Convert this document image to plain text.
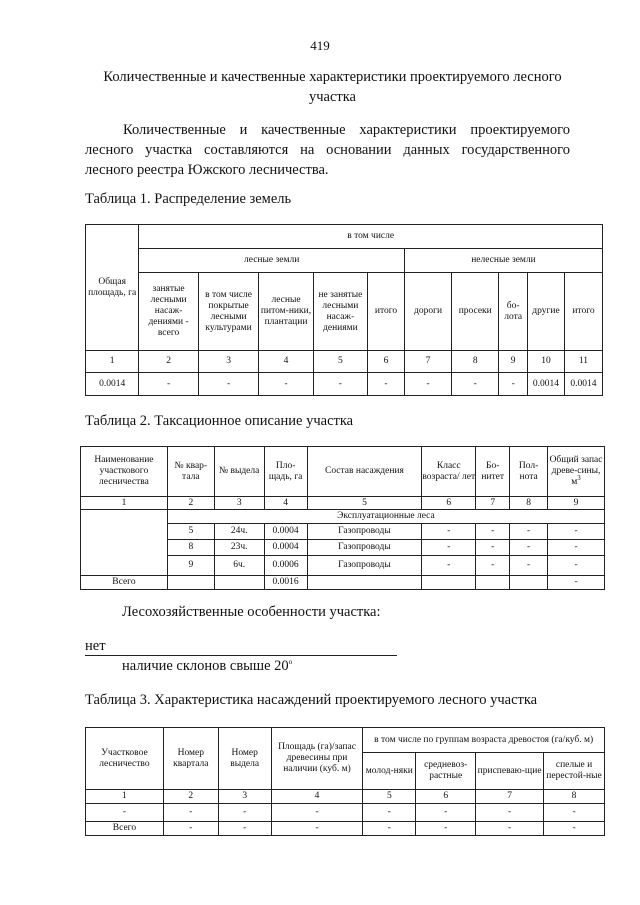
419
Количественные и качественные характеристики проектируемого лесного участка
Количественные и качественные характеристики проектируемого лесного участка составляются на основании данных государственного лесного реестра Южского лесничества.
Таблица 1. Распределение земель
Общая площадь, га	в том числе									
	лесные земли					нелесные земли				
	занятые лесными насаж-дениями - всего	в том числе покрытые лесными культурами	лесные питом-ники, плантации	не занятые лесными насаж-дениями	итого	дороги	просеки	бо-лота	другие	итого
1	2	3	4	5	6	7	8	9	10	11
0.0014	-	-	-	-	-	-	-	-	0.0014	0.0014
Таблица 2. Таксационное описание участка
Наименование участкового лесничества	№ квар-тала	№ выдела	Пло-щадь, га	Состав насаждения	Класс возраста/ лет	Бо-нитет	Пол-нота	Общий запас древе-сины, $м^3$
1	2	3	4	5	6	7	8	9
	Эксплуатационные леса							
	5	24ч.	0.0004	Газопроводы	-	-	-	-
	8	23ч.	0.0004	Газопроводы	-	-	-	-
	9	6ч.	0.0006	Газопроводы	-	-	-	-
Всего			0.0016					-
Лесохозяйственные особенности участка:
нет
наличие склонов свыше $20^о$
Таблица 3. Характеристика насаждений проектируемого лесного участка
Участковое лесничество	Номер квартала	Номер выдела	Площадь (га)/запас древесины при наличии (куб. м)	в том числе по группам возраста древостоя (га/куб. м)			
				молод-няки	средневоз-растные	приспеваю-щие	спелые и перестой-ные
1	2	3	4	5	6	7	8
-	-	-	-	-	-	-	-
Всего	-	-	-	-	-	-	-
